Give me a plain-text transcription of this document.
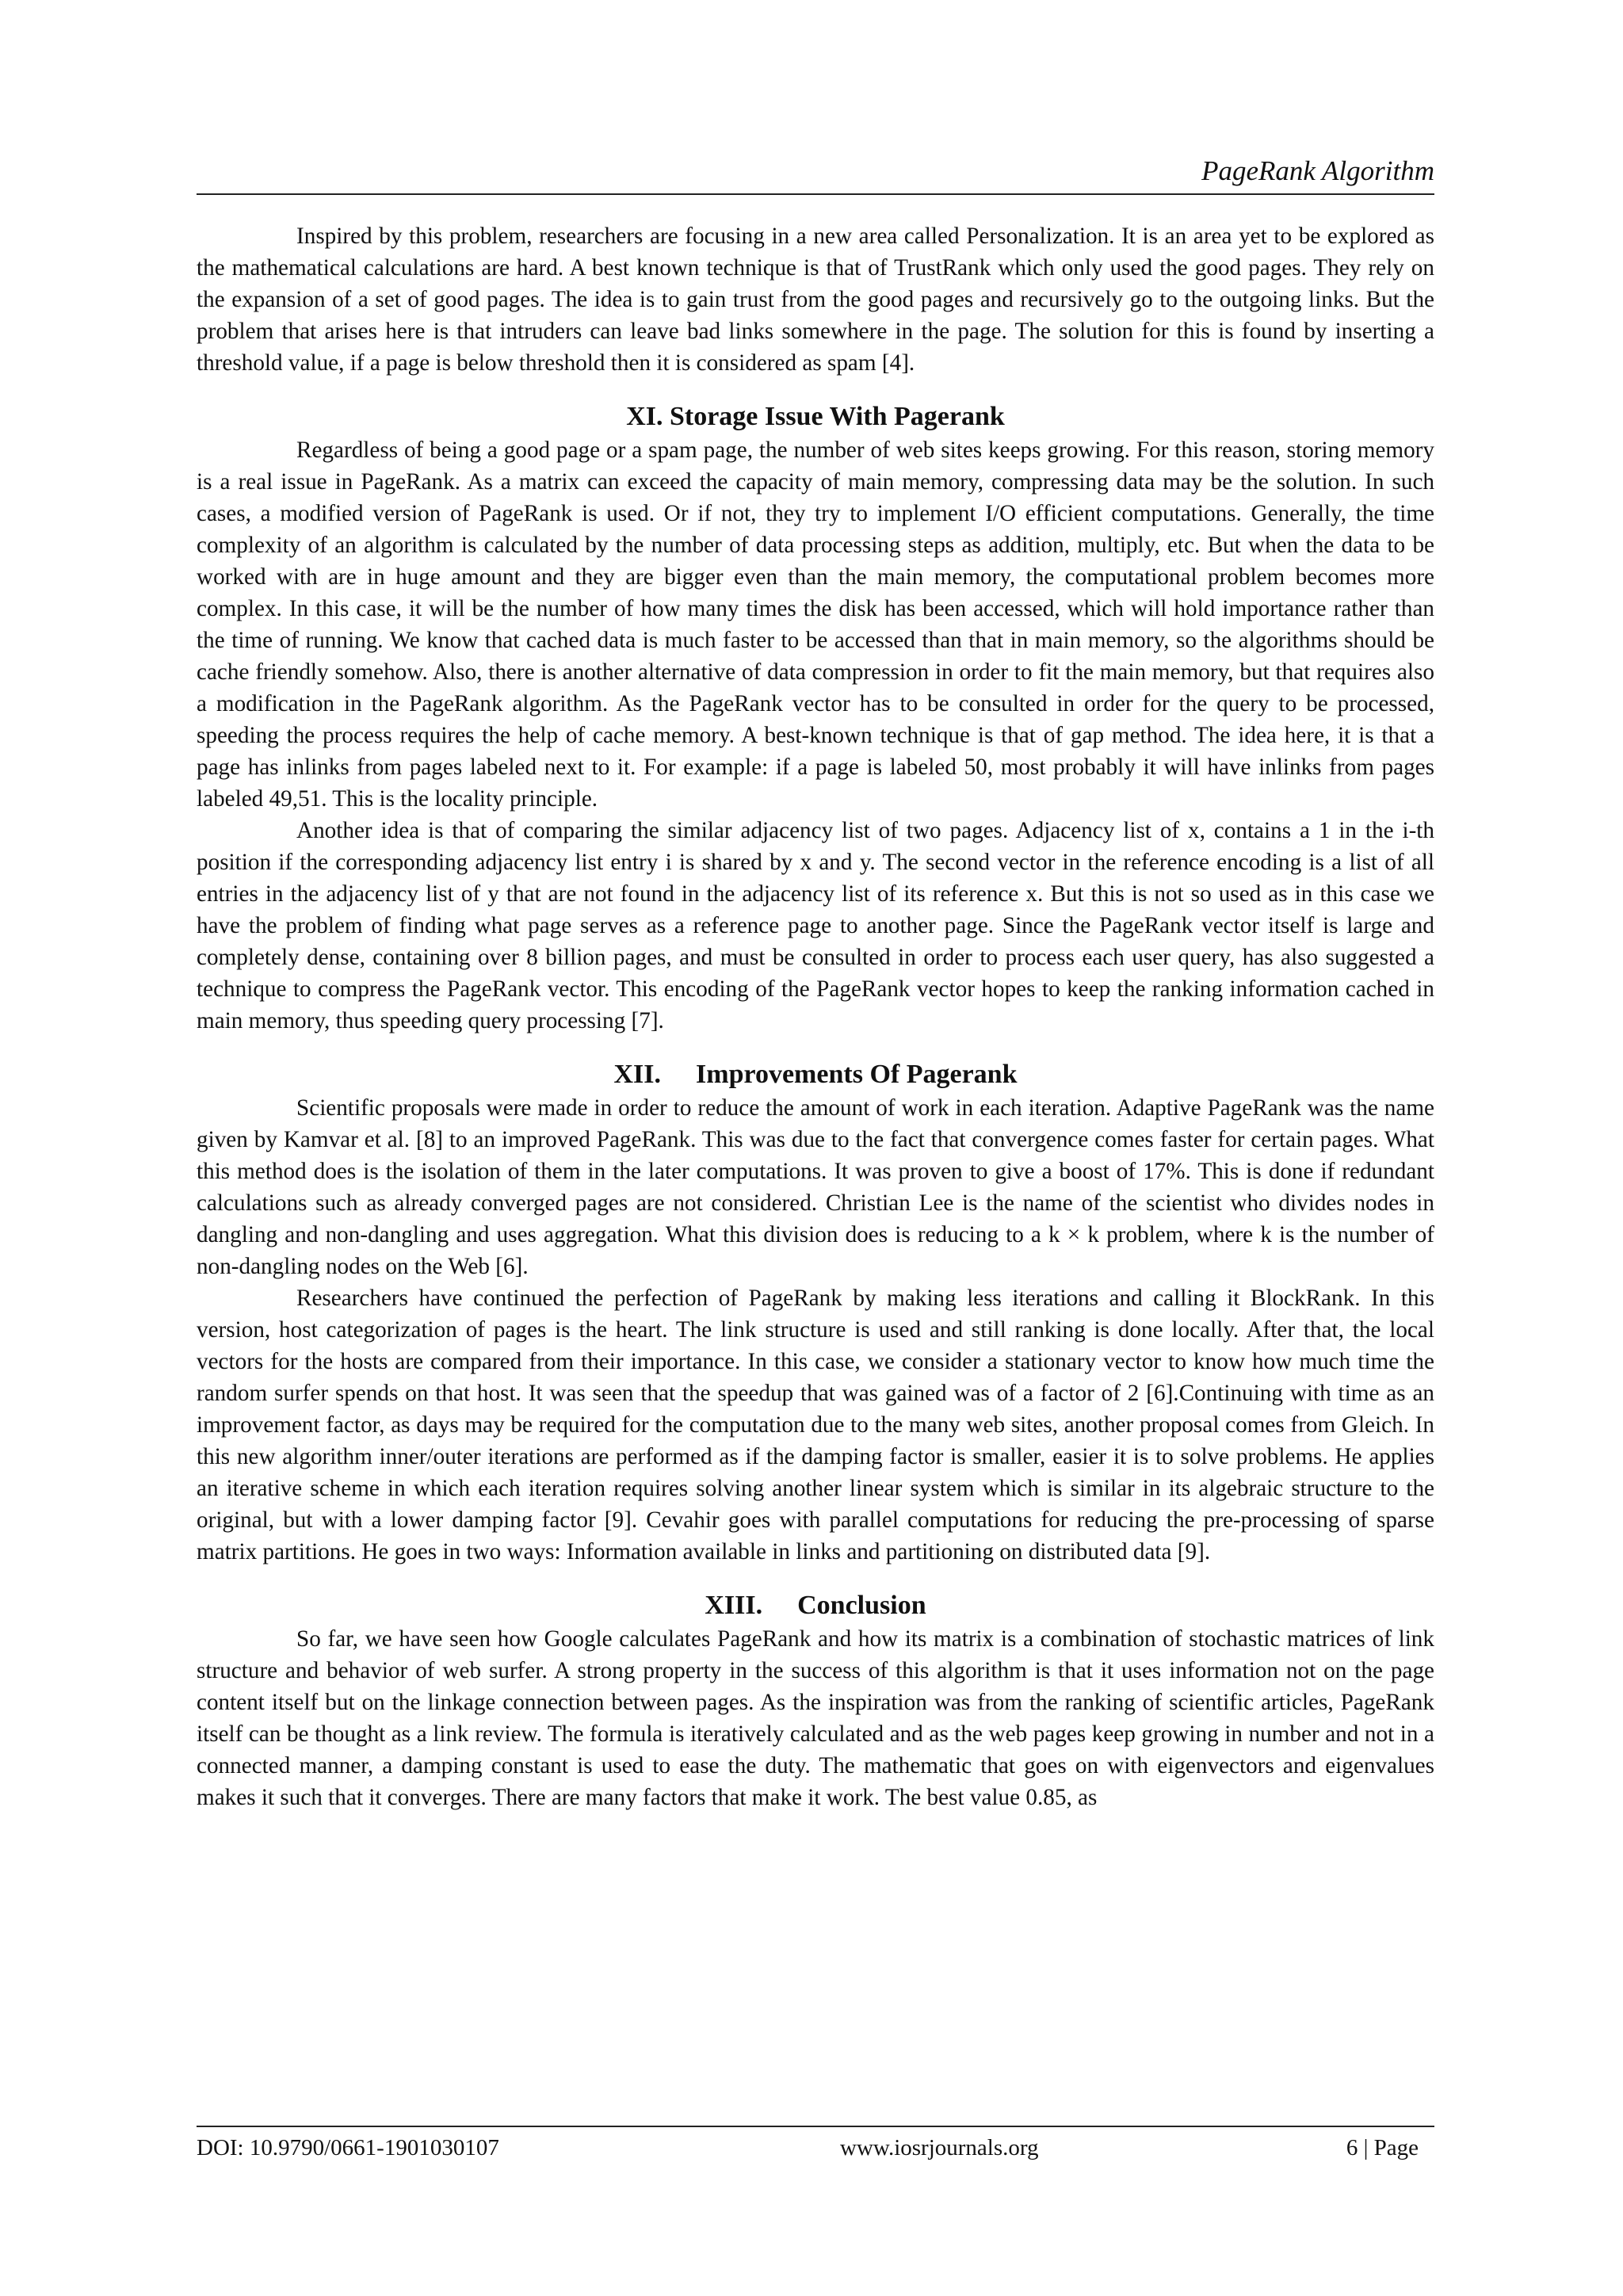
PageRank Algorithm

Inspired by this problem, researchers are focusing in a new area called Personalization. It is an area yet to be explored as the mathematical calculations are hard. A best known technique is that of TrustRank which only used the good pages. They rely on the expansion of a set of good pages. The idea is to gain trust from the good pages and recursively go to the outgoing links. But the problem that arises here is that intruders can leave bad links somewhere in the page. The solution for this is found by inserting a threshold value, if a page is below threshold then it is considered as spam [4].

XI. Storage Issue With Pagerank

Regardless of being a good page or a spam page, the number of web sites keeps growing. For this reason, storing memory is a real issue in PageRank. As a matrix can exceed the capacity of main memory, compressing data may be the solution. In such cases, a modified version of PageRank is used. Or if not, they try to implement I/O efficient computations. Generally, the time complexity of an algorithm is calculated by the number of data processing steps as addition, multiply, etc. But when the data to be worked with are in huge amount and they are bigger even than the main memory, the computational problem becomes more complex. In this case, it will be the number of how many times the disk has been accessed, which will hold importance rather than the time of running. We know that cached data is much faster to be accessed than that in main memory, so the algorithms should be cache friendly somehow. Also, there is another alternative of data compression in order to fit the main memory, but that requires also a modification in the PageRank algorithm. As the PageRank vector has to be consulted in order for the query to be processed, speeding the process requires the help of cache memory. A best-known technique is that of gap method. The idea here, it is that a page has inlinks from pages labeled next to it. For example: if a page is labeled 50, most probably it will have inlinks from pages labeled 49,51. This is the locality principle.

Another idea is that of comparing the similar adjacency list of two pages. Adjacency list of x, contains a 1 in the i-th position if the corresponding adjacency list entry i is shared by x and y. The second vector in the reference encoding is a list of all entries in the adjacency list of y that are not found in the adjacency list of its reference x. But this is not so used as in this case we have the problem of finding what page serves as a reference page to another page. Since the PageRank vector itself is large and completely dense, containing over 8 billion pages, and must be consulted in order to process each user query, has also suggested a technique to compress the PageRank vector. This encoding of the PageRank vector hopes to keep the ranking information cached in main memory, thus speeding query processing [7].

XII. Improvements Of Pagerank

Scientific proposals were made in order to reduce the amount of work in each iteration. Adaptive PageRank was the name given by Kamvar et al. [8] to an improved PageRank. This was due to the fact that convergence comes faster for certain pages. What this method does is the isolation of them in the later computations. It was proven to give a boost of 17%. This is done if redundant calculations such as already converged pages are not considered. Christian Lee is the name of the scientist who divides nodes in dangling and non-dangling and uses aggregation. What this division does is reducing to a k × k problem, where k is the number of non-dangling nodes on the Web [6].

Researchers have continued the perfection of PageRank by making less iterations and calling it BlockRank. In this version, host categorization of pages is the heart. The link structure is used and still ranking is done locally. After that, the local vectors for the hosts are compared from their importance. In this case, we consider a stationary vector to know how much time the random surfer spends on that host. It was seen that the speedup that was gained was of a factor of 2 [6].Continuing with time as an improvement factor, as days may be required for the computation due to the many web sites, another proposal comes from Gleich. In this new algorithm inner/outer iterations are performed as if the damping factor is smaller, easier it is to solve problems. He applies an iterative scheme in which each iteration requires solving another linear system which is similar in its algebraic structure to the original, but with a lower damping factor [9]. Cevahir goes with parallel computations for reducing the pre-processing of sparse matrix partitions. He goes in two ways: Information available in links and partitioning on distributed data [9].

XIII. Conclusion

So far, we have seen how Google calculates PageRank and how its matrix is a combination of stochastic matrices of link structure and behavior of web surfer. A strong property in the success of this algorithm is that it uses information not on the page content itself but on the linkage connection between pages. As the inspiration was from the ranking of scientific articles, PageRank itself can be thought as a link review. The formula is iteratively calculated and as the web pages keep growing in number and not in a connected manner, a damping constant is used to ease the duty. The mathematic that goes on with eigenvectors and eigenvalues makes it such that it converges. There are many factors that make it work. The best value 0.85, as

DOI: 10.9790/0661-1901030107	www.iosrjournals.org	6 | Page
